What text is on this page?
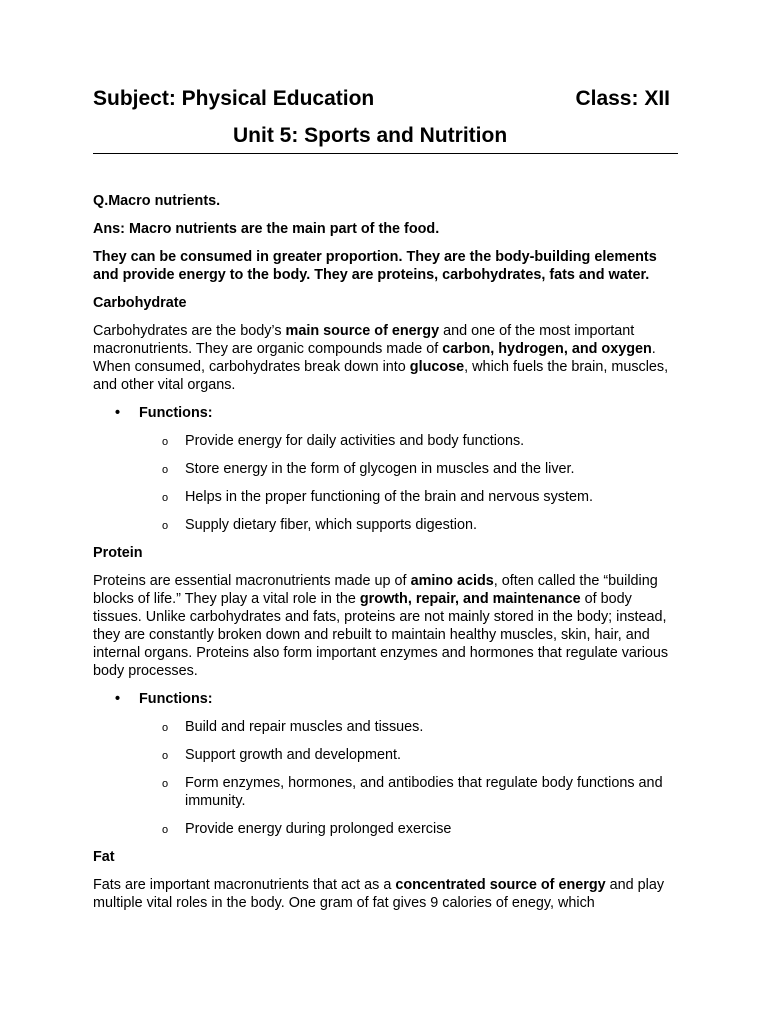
Subject: Physical Education	Class: XII
Unit 5: Sports and Nutrition

Q.Macro nutrients.

Ans: Macro nutrients are the main part of the food.

They can be consumed in greater proportion. They are the body-building elements and provide energy to the body. They are proteins, carbohydrates, fats and water.

Carbohydrate

Carbohydrates are the body’s main source of energy and one of the most important macronutrients. They are organic compounds made of carbon, hydrogen, and oxygen. When consumed, carbohydrates break down into glucose, which fuels the brain, muscles, and other vital organs.

• Functions:
o Provide energy for daily activities and body functions.
o Store energy in the form of glycogen in muscles and the liver.
o Helps in the proper functioning of the brain and nervous system.
o Supply dietary fiber, which supports digestion.

Protein

Proteins are essential macronutrients made up of amino acids, often called the “building blocks of life.” They play a vital role in the growth, repair, and maintenance of body tissues. Unlike carbohydrates and fats, proteins are not mainly stored in the body; instead, they are constantly broken down and rebuilt to maintain healthy muscles, skin, hair, and internal organs. Proteins also form important enzymes and hormones that regulate various body processes.

• Functions:
o Build and repair muscles and tissues.
o Support growth and development.
o Form enzymes, hormones, and antibodies that regulate body functions and immunity.
o Provide energy during prolonged exercise

Fat

Fats are important macronutrients that act as a concentrated source of energy and play multiple vital roles in the body. One gram of fat gives 9 calories of enegy, which
